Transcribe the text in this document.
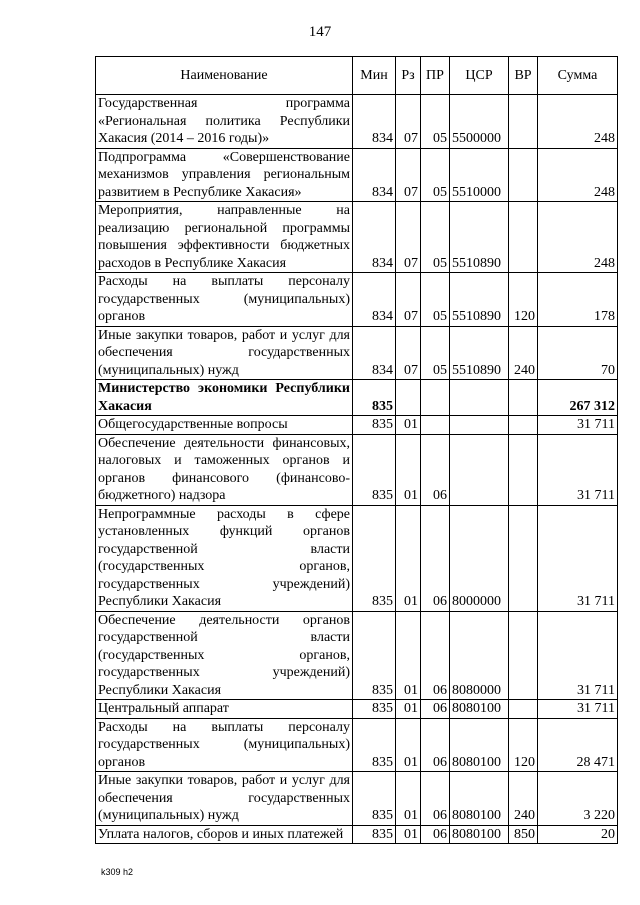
147
Наименование	Мин	Рз	ПР	ЦСР	ВР	Сумма
Государственная программа «Региональная политика Республики Хакасия (2014 – 2016 годы)»	834	07	05	5500000		248
Подпрограмма «Совершенствование механизмов управления региональным развитием в Республике Хакасия»	834	07	05	5510000		248
Мероприятия, направленные на реализацию региональной программы повышения эффективности бюджетных расходов в Республике Хакасия	834	07	05	5510890		248
Расходы на выплаты персоналу государственных (муниципальных) органов	834	07	05	5510890	120	178
Иные закупки товаров, работ и услуг для обеспечения государственных (муниципальных) нужд	834	07	05	5510890	240	70
Министерство экономики Республики Хакасия	835					267 312
Общегосударственные вопросы	835	01				31 711
Обеспечение деятельности финансовых, налоговых и таможенных органов и органов финансового (финансово-бюджетного) надзора	835	01	06			31 711
Непрограммные расходы в сфере установленных функций органов государственной власти (государственных органов, государственных учреждений) Республики Хакасия	835	01	06	8000000		31 711
Обеспечение деятельности органов государственной власти (государственных органов, государственных учреждений) Республики Хакасия	835	01	06	8080000		31 711
Центральный аппарат	835	01	06	8080100		31 711
Расходы на выплаты персоналу государственных (муниципальных) органов	835	01	06	8080100	120	28 471
Иные закупки товаров, работ и услуг для обеспечения государственных (муниципальных) нужд	835	01	06	8080100	240	3 220
Уплата налогов, сборов и иных платежей	835	01	06	8080100	850	20
k309 h2
